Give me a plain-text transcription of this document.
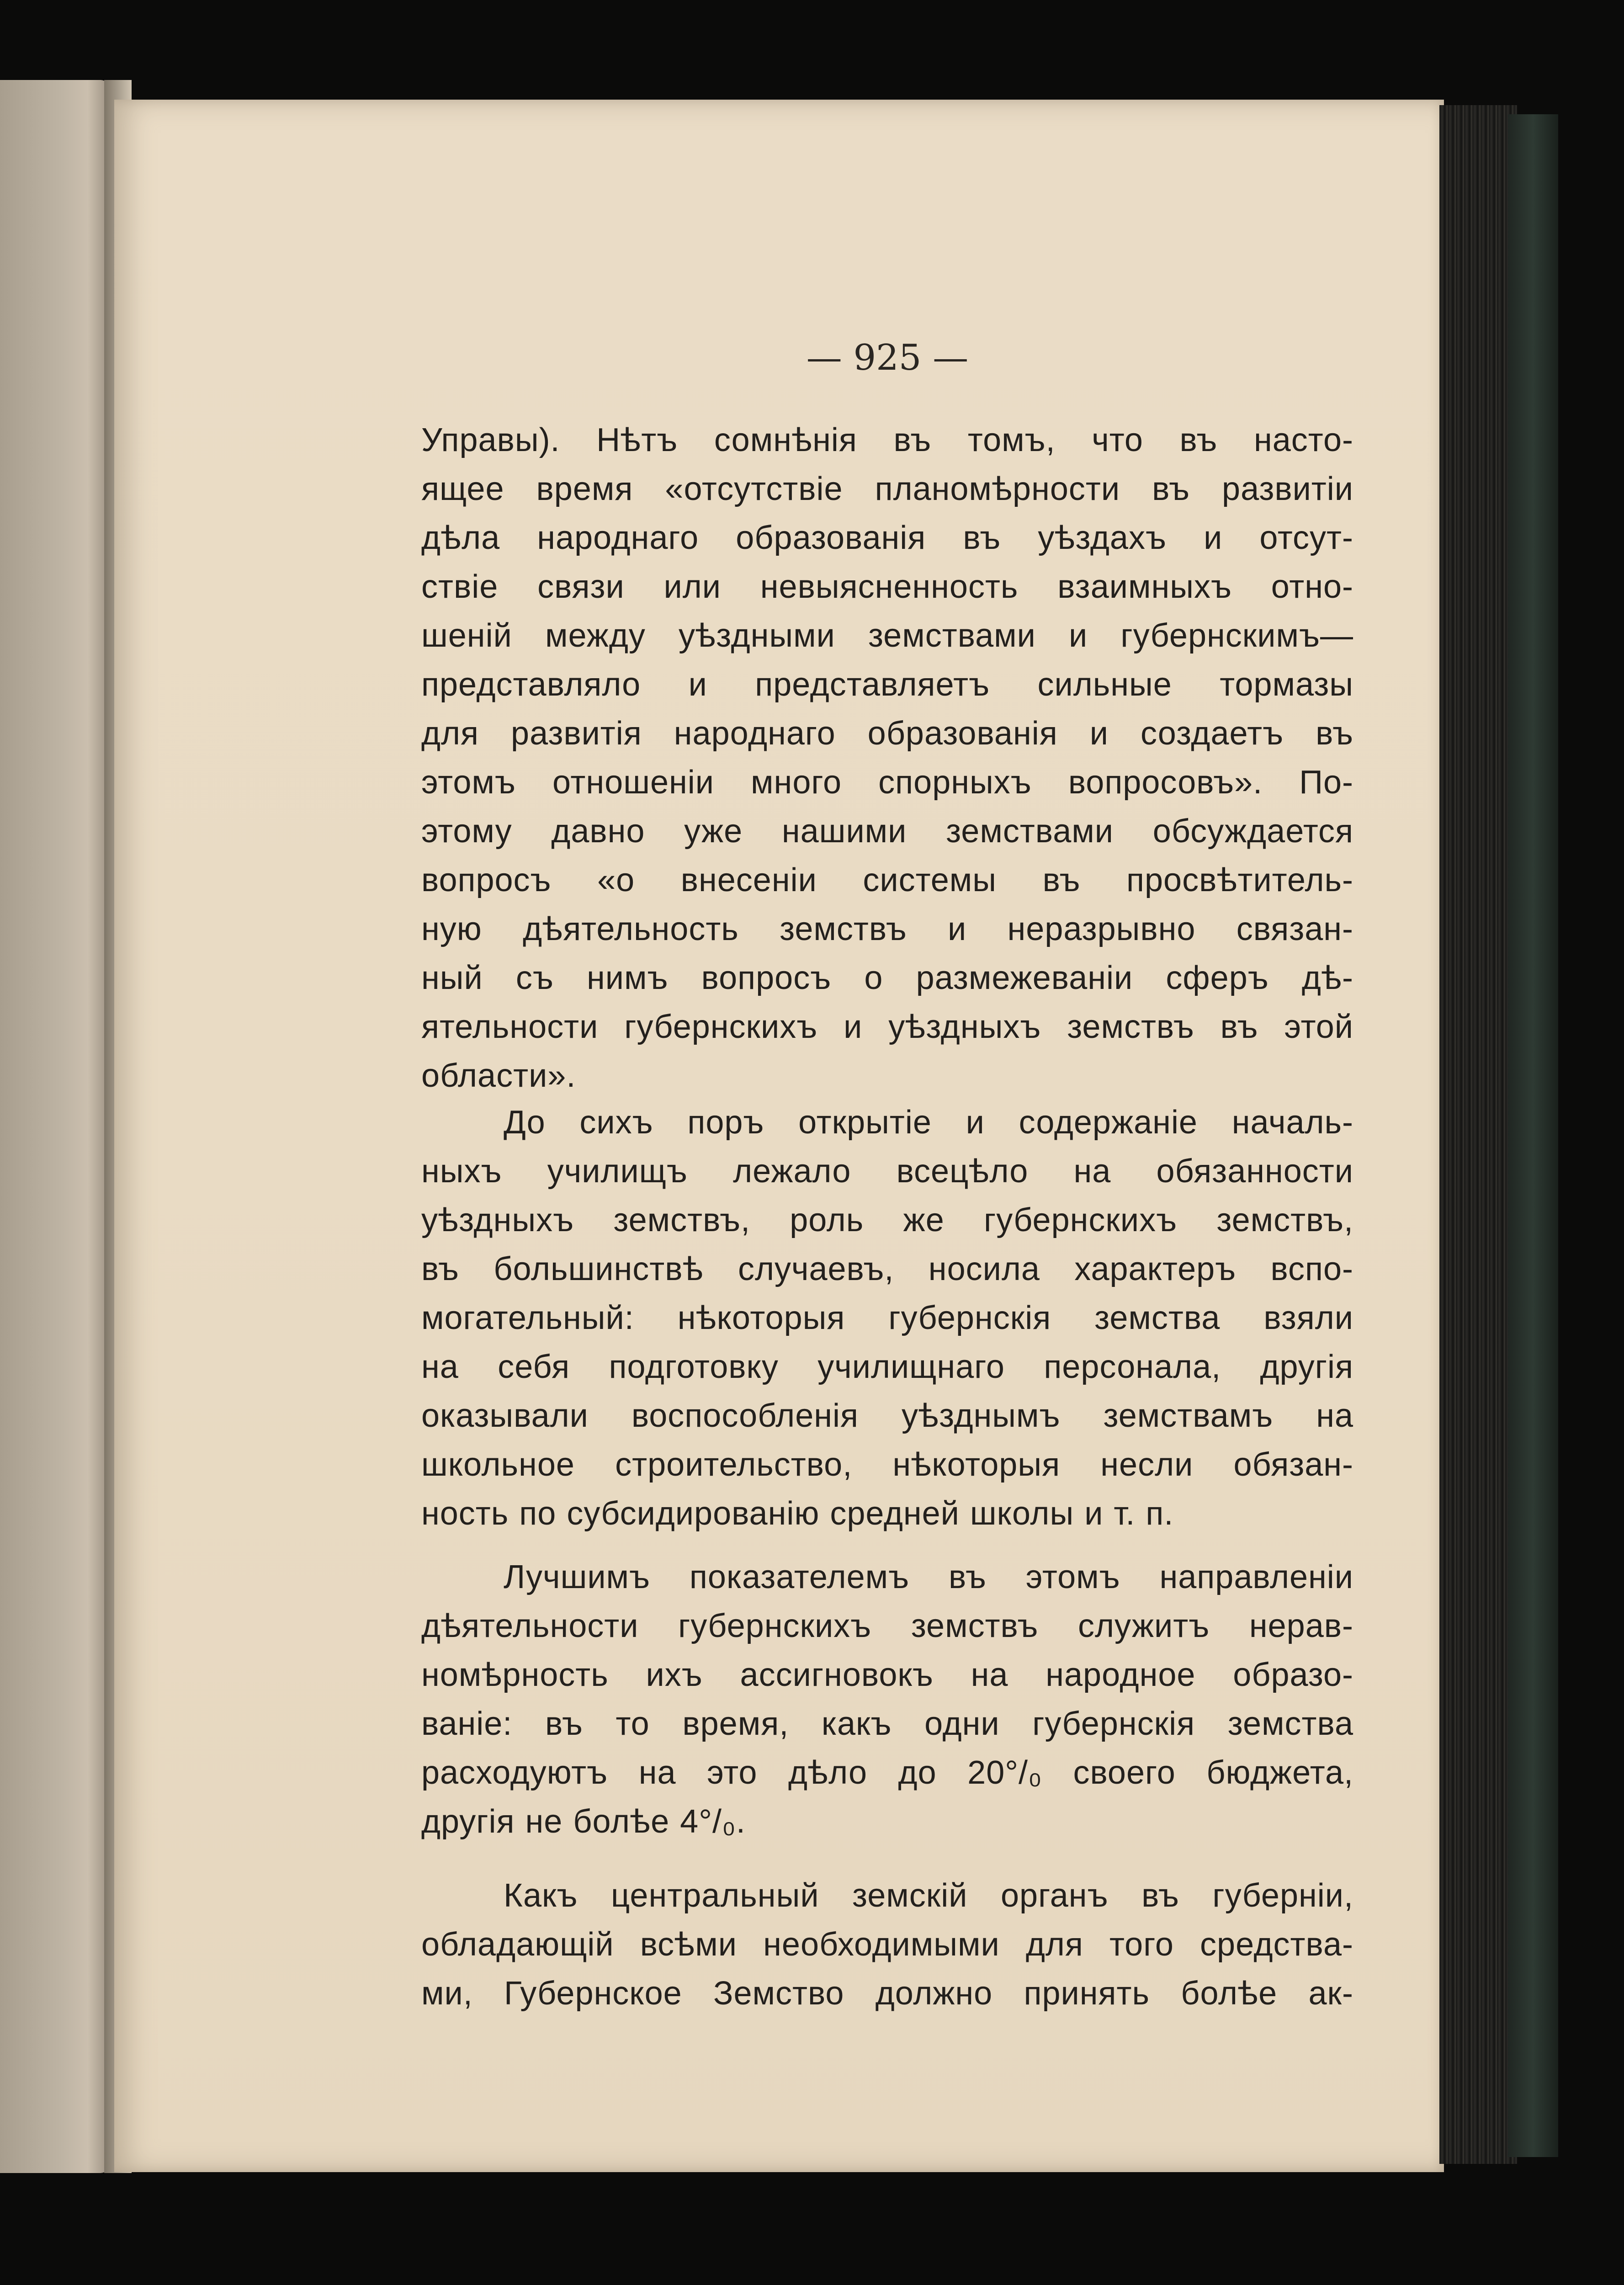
— 925 —
Управы). Нѣтъ сомнѣнія въ томъ, что въ насто-
ящее время «отсутствіе планомѣрности въ развитіи
дѣла народнаго образованія въ уѣздахъ и отсут-
ствіе связи или невыясненность взаимныхъ отно-
шеній между уѣздными земствами и губернскимъ—
представляло и представляетъ сильные тормазы
для развитія народнаго образованія и создаетъ въ
этомъ отношеніи много спорныхъ вопросовъ». По-
этому давно уже нашими земствами обсуждается
вопросъ «о внесеніи системы въ просвѣтитель-
ную дѣятельность земствъ и неразрывно связан-
ный съ нимъ вопросъ о размежеваніи сферъ дѣ-
ятельности губернскихъ и уѣздныхъ земствъ въ этой
области».
До сихъ поръ открытіе и содержаніе началь-
ныхъ училищъ лежало всецѣло на обязанности
уѣздныхъ земствъ, роль же губернскихъ земствъ,
въ большинствѣ случаевъ, носила характеръ вспо-
могательный: нѣкоторыя губернскія земства взяли
на себя подготовку училищнаго персонала, другія
оказывали воспособленія уѣзднымъ земствамъ на
школьное строительство, нѣкоторыя несли обязан-
ность по субсидированію средней школы и т. п.
Лучшимъ показателемъ въ этомъ направленіи
дѣятельности губернскихъ земствъ служитъ нерав-
номѣрность ихъ ассигновокъ на народное образо-
ваніе: въ то время, какъ одни губернскія земства
расходуютъ на это дѣло до 20°/₀ своего бюджета,
другія не болѣе 4°/₀.
Какъ центральный земскій органъ въ губерніи,
обладающій всѣми необходимыми для того средства-
ми, Губернское Земство должно принять болѣе ак-
